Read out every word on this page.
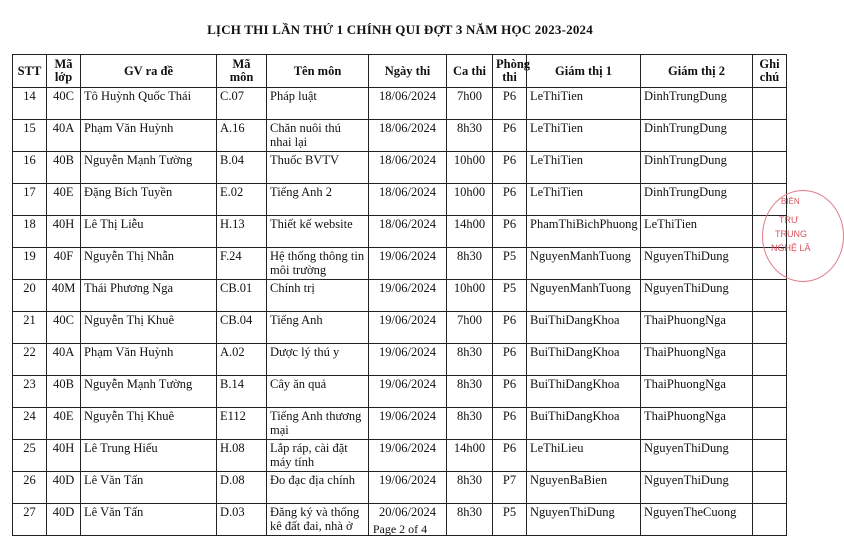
LỊCH THI LẦN THỨ 1 CHÍNH QUI ĐỢT 3 NĂM HỌC 2023-2024
STT	Mã lớp	GV ra đề	Mã môn	Tên môn	Ngày thi	Ca thi	Phòng thi	Giám thị 1	Giám thị 2	Ghi chú
14	40C	Tô Huỳnh Quốc Thái	C.07	Pháp luật	18/06/2024	7h00	P6	LeThiTien	DinhTrungDung	
15	40A	Phạm Văn Huỳnh	A.16	Chăn nuôi thú nhai lại	18/06/2024	8h30	P6	LeThiTien	DinhTrungDung	
16	40B	Nguyễn Mạnh Tường	B.04	Thuốc BVTV	18/06/2024	10h00	P6	LeThiTien	DinhTrungDung	
17	40E	Đặng Bích Tuyền	E.02	Tiếng Anh 2	18/06/2024	10h00	P6	LeThiTien	DinhTrungDung	
18	40H	Lê Thị Liễu	H.13	Thiết kế website	18/06/2024	14h00	P6	PhamThiBichPhuong	LeThiTien	
19	40F	Nguyễn Thị Nhẫn	F.24	Hệ thống thông tin môi trường	19/06/2024	8h30	P5	NguyenManhTuong	NguyenThiDung	
20	40M	Thái Phương Nga	CB.01	Chính trị	19/06/2024	10h00	P5	NguyenManhTuong	NguyenThiDung	
21	40C	Nguyễn Thị Khuê	CB.04	Tiếng Anh	19/06/2024	7h00	P6	BuiThiDangKhoa	ThaiPhuongNga	
22	40A	Phạm Văn Huỳnh	A.02	Dược lý thú y	19/06/2024	8h30	P6	BuiThiDangKhoa	ThaiPhuongNga	
23	40B	Nguyễn Mạnh Tường	B.14	Cây ăn quả	19/06/2024	8h30	P6	BuiThiDangKhoa	ThaiPhuongNga	
24	40E	Nguyễn Thị Khuê	E112	Tiếng Anh thương mại	19/06/2024	8h30	P6	BuiThiDangKhoa	ThaiPhuongNga	
25	40H	Lê Trung Hiếu	H.08	Lắp ráp, cài đặt máy tính	19/06/2024	14h00	P6	LeThiLieu	NguyenThiDung	
26	40D	Lê Văn Tấn	D.08	Đo đạc địa chính	19/06/2024	8h30	P7	NguyenBaBien	NguyenThiDung	
27	40D	Lê Văn Tấn	D.03	Đăng ký và thống kê đất đai, nhà ở	20/06/2024	8h30	P5	NguyenThiDung	NguyenTheCuong	
BIÊN
TRƯ
TRUNG
NGHỆ LÂ
Page 2 of 4
